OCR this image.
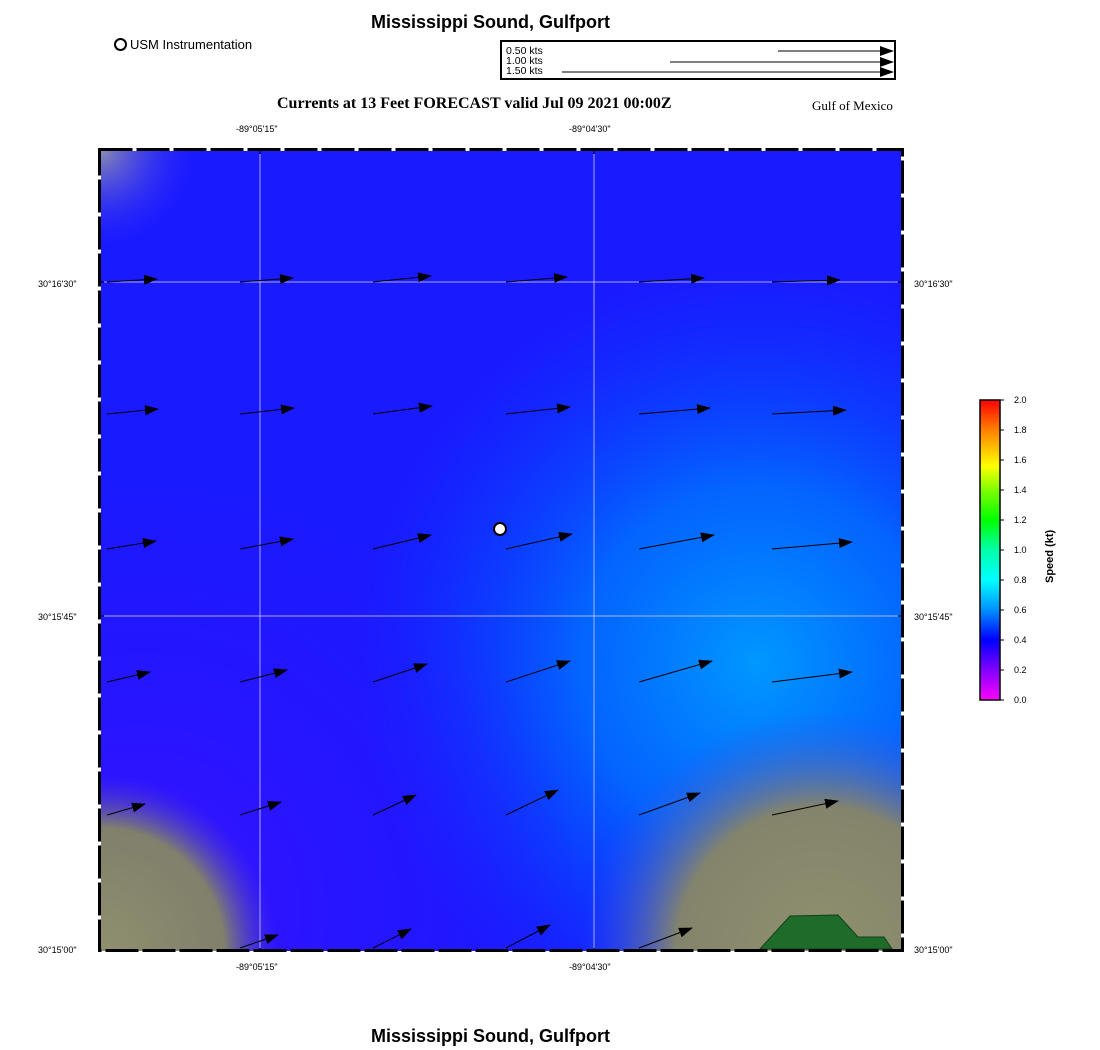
Mississippi Sound, Gulfport
USM Instrumentation	0.50 kts
1.00 kts
1.50 kts
Currents at 13 Feet FORECAST valid Jul 09 2021 00:00Z	Gulf of Mexico
-89°05'15"	-89°04'30"
30°16'30"
30°15'45"
30°15'00"
30°16'30"
30°15'45"
30°15'00"
-89°05'15"	-89°04'30"
2.0
1.8
1.6
1.4
1.2
1.0
0.8
0.6
0.4
0.2
0.0
Speed (kt)
Mississippi Sound, Gulfport
